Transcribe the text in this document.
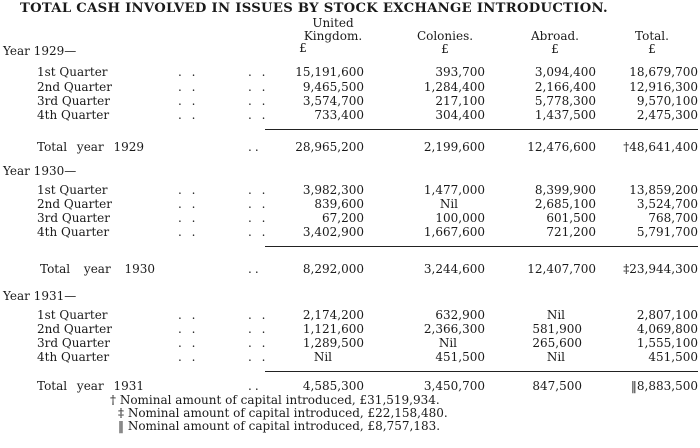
TOTAL CASH INVOLVED IN ISSUES BY STOCK EXCHANGE INTRODUCTION.
United
Kingdom.
£
Colonies.
£
Abroad.
£
Total.
£
Year 1929—
1st Quarter	. .	. . 15,191,600	393,700	3,094,400	18,679,700
2nd Quarter	. .	. .	9,465,500	1,284,400	2,166,400	12,916,300
3rd Quarter	. .	. .	3,574,700	217,100	5,778,300	9,570,100
4th Quarter	. .	. .	733,400	304,400	1,437,500	2,475,300
Total year 1929	..	28,965,200	2,199,600	12,476,600 †48,641,400
Year 1930—
1st Quarter	. .	. .	3,982,300	1,477,000	8,399,900	13,859,200
2nd Quarter	. .	. .	839,600	Nil	2,685,100	3,524,700
3rd Quarter	. .	. .	67,200	100,000	601,500	768,700
4th Quarter	. .	. .	3,402,900	1,667,600	721,200	5,791,700
Total year 1930	..	8,292,000	3,244,600	12,407,700 ‡23,944,300
Year 1931—
1st Quarter	. .	. .	2,174,200	632,900	Nil	2,807,100
2nd Quarter	. .	. .	1,121,600	2,366,300	581,900	4,069,800
3rd Quarter	. .	. .	1,289,500	Nil	265,600	1,555,100
4th Quarter	. .	. .	Nil	451,500	Nil	451,500
Total year 1931	..	4,585,300	3,450,700	847,500	‖8,883,500
† Nominal amount of capital introduced, £31,519,934.
‡ Nominal amount of capital introduced, £22,158,480.
‖ Nominal amount of capital introduced, £8,757,183.
